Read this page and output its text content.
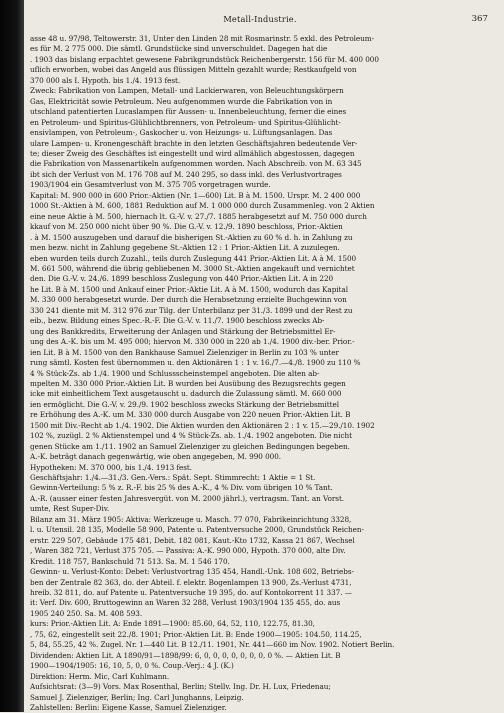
Metall-Industrie.	367
asse 48 u. 97/98, Teltowerstr. 31, Unter den Linden 28 mit Rosmarinstr. 5 exkl. des Petroleum-
es für M. 2 775 000. Die sämtl. Grundstücke sind unverschuldet. Dagegen hat die
. 1903 das bislang erpachtet gewesene Fabrikgrundstück Reichenbergerstr. 156 für M. 400 000
uflich erworben, wobei das Angeld aus flüssigen Mitteln gezahlt wurde; Restkaufgeld von
370 000 als I. Hypoth. bis 1./4. 1913 fest.
Zweck: Fabrikation von Lampen, Metall- und Lackierwaren, von Beleuchtungskörpern
Gas, Elektricität sowie Petroleum. Neu aufgenommen wurde die Fabrikation von in
utschland patentierten Lucaslampen für Aussen- u. Innenbeleuchtung, ferner die eines
en Petroleum- und Spiritus-Glühlichtbrenners, von Petroleum- und Spiritus-Glühlicht-
ensivlampen, von Petroleum-, Gaskocher u. von Heizungs- u. Lüftungsanlagen. Das
ulare Lampen- u. Kronengeschäft brachte in den letzten Geschäftsjahren bedeutende Ver-
te; dieser Zweig des Geschäftes ist eingestellt und wird allmählich abgestossen, dagegen
die Fabrikation von Massenartikeln aufgenommen worden. Nach Abschreib. von M. 63 345
ibt sich der Verlust von M. 176 708 auf M. 240 295, so dass inkl. des Verlustvortrages
1903/1904 ein Gesamtverlust von M. 375 705 vorgetragen wurde.
Kapital: M. 900 000 in 600 Prior.-Aktien (Nr. 1—600) Lit. B à M. 1500. Urspr. M. 2 400 000
1000 St.-Aktien à M. 600, 1881 Reduktion auf M. 1 000 000 durch Zusammenleg. von 2 Aktien
eine neue Aktie à M. 500, hiernach lt. G.-V. v. 27./7. 1885 herabgesetzt auf M. 750 000 durch
kkauf von M. 250 000 nicht über 90 %. Die G.-V. v. 12./9. 1890 beschloss, Prior.-Aktien
. à M. 1500 auszugeben und darauf die bisherigen St.-Aktien zu 60 % d. h. in Zahlung zu
men bezw. nicht in Zahlung gegebene St.-Aktien 12 : 1 Prior.-Aktien Lit. A zuzulegen.
eben wurden teils durch Zuzahl., teils durch Zuslegung 441 Prior.-Aktien Lit. A à M. 1500
M. 661 500, während die übrig gebliebenen M. 3000 St.-Aktien angekauft und vernichtet
den. Die G.-V. v. 24./6. 1899 beschloss Zuslegung von 440 Prior.-Aktien Lit. A in 220
he Lit. B à M. 1500 und Ankauf einer Prior.-Aktie Lit. A à M. 1500, wodurch das Kapital
M. 330 000 herabgesetzt wurde. Der durch die Herabsetzung erzielte Buchgewinn von
330 241 diente mit M. 312 976 zur Tilg. der Unterbilanz per 31./3. 1899 und der Rest zu
eib., bezw. Bildung eines Spec.-R.-F. Die G.-V. v. 11./7. 1900 beschloss zwecks Ab-
ung des Bankkredits, Erweiterung der Anlagen und Stärkung der Betriebsmittel Er-
ung des A.-K. bis um M. 495 000; hiervon M. 330 000 in 220 ab 1./4. 1900 div.-ber. Prior.-
ien Lit. B à M. 1500 von den Bankhause Samuel Zielenziger in Berlin zu 103 % unter
rung sämtl. Kosten fest übernommen u. den Aktionären 1 : 1 v. 16./7.—4./8. 1900 zu 110 %
4 % Stück-Zs. ab 1./4. 1900 und Schlussscheinstempel angeboten. Die alten ab-
mpelten M. 330 000 Prior.-Aktien Lit. B wurden bei Ausübung des Bezugsrechts gegen
icke mit einheitlichem Text ausgetauscht u. dadurch die Zulassung sämtl. M. 660 000
ien ermöglicht. Die G.-V. v. 29./9. 1902 beschloss zwecks Stärkung der Betriebsmittel
re Erhöhung des A.-K. um M. 330 000 durch Ausgabe von 220 neuen Prior.-Aktien Lit. B
1500 mit Div.-Recht ab 1./4. 1902. Die Aktien wurden den Aktionären 2 : 1 v. 15.—29./10. 1902
102 %, zuzügl. 2 % Aktienstempel und 4 % Stück-Zs. ab. 1./4. 1902 angeboten. Die nicht
genen Stücke am 1./11. 1902 an Samuel Zielenziger zu gleichen Bedingungen begeben.
A.-K. beträgt danach gegenwärtig, wie oben angegeben, M. 990 000.
Hypotheken: M. 370 000, bis 1./4. 1913 fest.
Geschäftsjahr: 1./4.—31./3. Gen.-Vers.: Spät. Sept. Stimmrecht: 1 Aktie = 1 St.
Gewinn-Verteilung: 5 % z. R.-F. bis 25 % des A.-K., 4 % Div. vom übrigen 10 % Tant.
A.-R. (ausser einer festen Jahresvergüt. von M. 2000 jährl.), vertragsm. Tant. an Vorst.
umte, Rest Super-Div.
Bilanz am 31. März 1905: Aktiva: Werkzeuge u. Masch. 77 070, Fabrikeinrichtung 3328,
l. u. Utensil. 28 135, Modelle 58 900, Patente u. Patentversuche 2000, Grundstück Reichen-
erstr. 229 507, Gebäude 175 481, Debit. 182 081, Kaut.-Kto 1732, Kassa 21 867, Wechsel
, Waren 382 721, Verlust 375 705. — Passiva: A.-K. 990 000, Hypoth. 370 000, alte Div.
Kredit. 118 757, Bankschuld 71 513. Sa. M. 1 546 170.
Gewinn- u. Verlust-Konto: Debet: Verlustvortrag 135 454, Handl.-Unk. 108 602, Betriebs-
ben der Zentrale 82 363, do. der Abteil. f. elektr. Bogenlampen 13 900, Zs.-Verlust 4731,
hreib. 32 811, do. auf Patente u. Patentversuche 19 395, do. auf Kontokorrent 11 337. —
it: Verf. Div. 600, Bruttogewinn an Waren 32 288, Verlust 1903/1904 135 455, do. aus
1905 240 250. Sa. M. 408 593.
kurs: Prior.-Aktien Lit. A: Ende 1891—1900: 85.60, 64, 52, 110, 122.75, 81.30,
, 75, 62, eingestellt seit 22./8. 1901; Prior.-Aktien Lit. B: Ende 1900—1905: 104.50, 114.25,
5, 84, 55.25, 42 %. Zugel. Nr. 1—440 Lit. B 12./11. 1901, Nr. 441—660 im Nov. 1902. Notiert Berlin.
Dividenden: Aktien Lit. A 1890/91—1898/99: 6, 0, 0, 0, 0, 0, 0, 0, 0 %. — Aktien Lit. B
1900—1904/1905: 16, 10, 5, 0, 0 %. Coup.-Verj.: 4 J. (K.)
Direktion: Herm. Mic, Carl Kuhlmann.
Aufsichtsrat: (3—9) Vors. Max Rosenthal, Berlin; Stellv. Ing. Dr. H. Lux, Friedenau;
Samuel J. Zielenziger, Berlin; Ing. Carl Junghanns, Leipzig.
Zahlstellen: Berlin: Eigene Kasse, Samuel Zielenziger.
